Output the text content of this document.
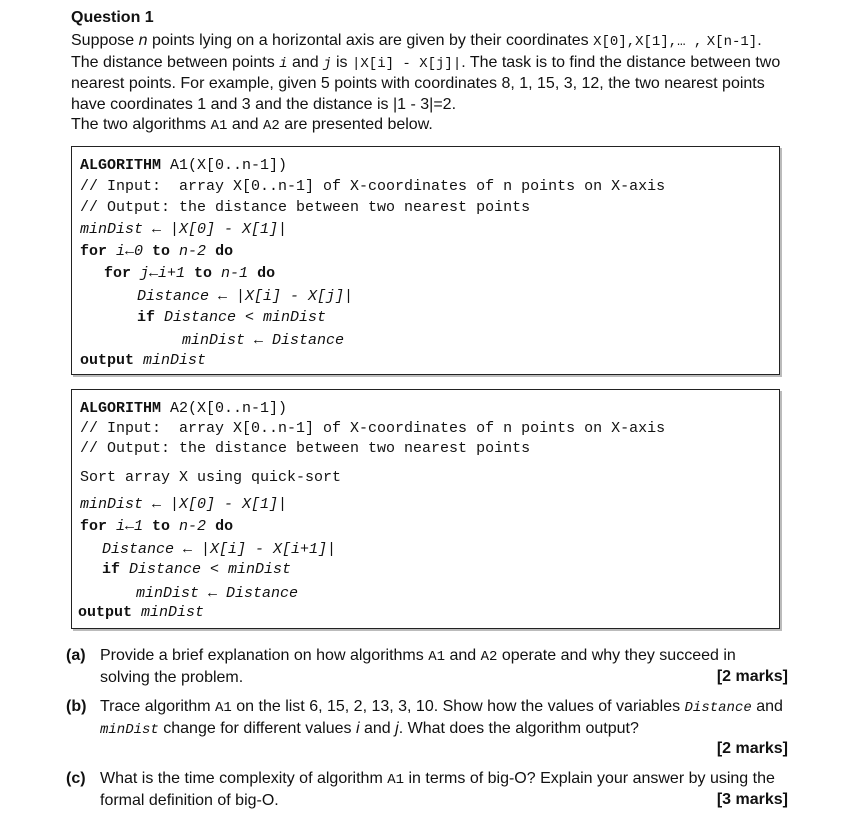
Question 1

Suppose n points lying on a horizontal axis are given by their coordinates X[0],X[1],… , X[n-1]. The distance between points i and j is |X[i] - X[j]|. The task is to find the distance between two nearest points. For example, given 5 points with coordinates 8, 1, 15, 3, 12, the two nearest points have coordinates 1 and 3 and the distance is |1 - 3|=2.

The two algorithms A1 and A2 are presented below.

ALGORITHM A1(X[0..n-1])
// Input:  array X[0..n-1] of X-coordinates of n points on X-axis
// Output: the distance between two nearest points
minDist ← |X[0] - X[1]|
for i←0 to n-2 do
for j←i+1 to n-1 do
Distance ← |X[i] - X[j]|
if Distance < minDist
minDist ← Distance
output minDist
ALGORITHM A2(X[0..n-1])
// Input:  array X[0..n-1] of X-coordinates of n points on X-axis
// Output: the distance between two nearest points
Sort array X using quick-sort
minDist ← |X[0] - X[1]|
for i←1 to n-2 do
Distance ← |X[i] - X[i+1]|
if Distance < minDist
minDist ← Distance
output minDist
(a) Provide a brief explanation on how algorithms A1 and A2 operate and why they succeed in solving the problem.	[2 marks]
(b) Trace algorithm A1 on the list 6, 15, 2, 13, 3, 10. Show how the values of variables Distance and minDist change for different values i and j. What does the algorithm output?
[2 marks]
(c) What is the time complexity of algorithm A1 in terms of big-O? Explain your answer by using the formal definition of big-O.	[3 marks]
